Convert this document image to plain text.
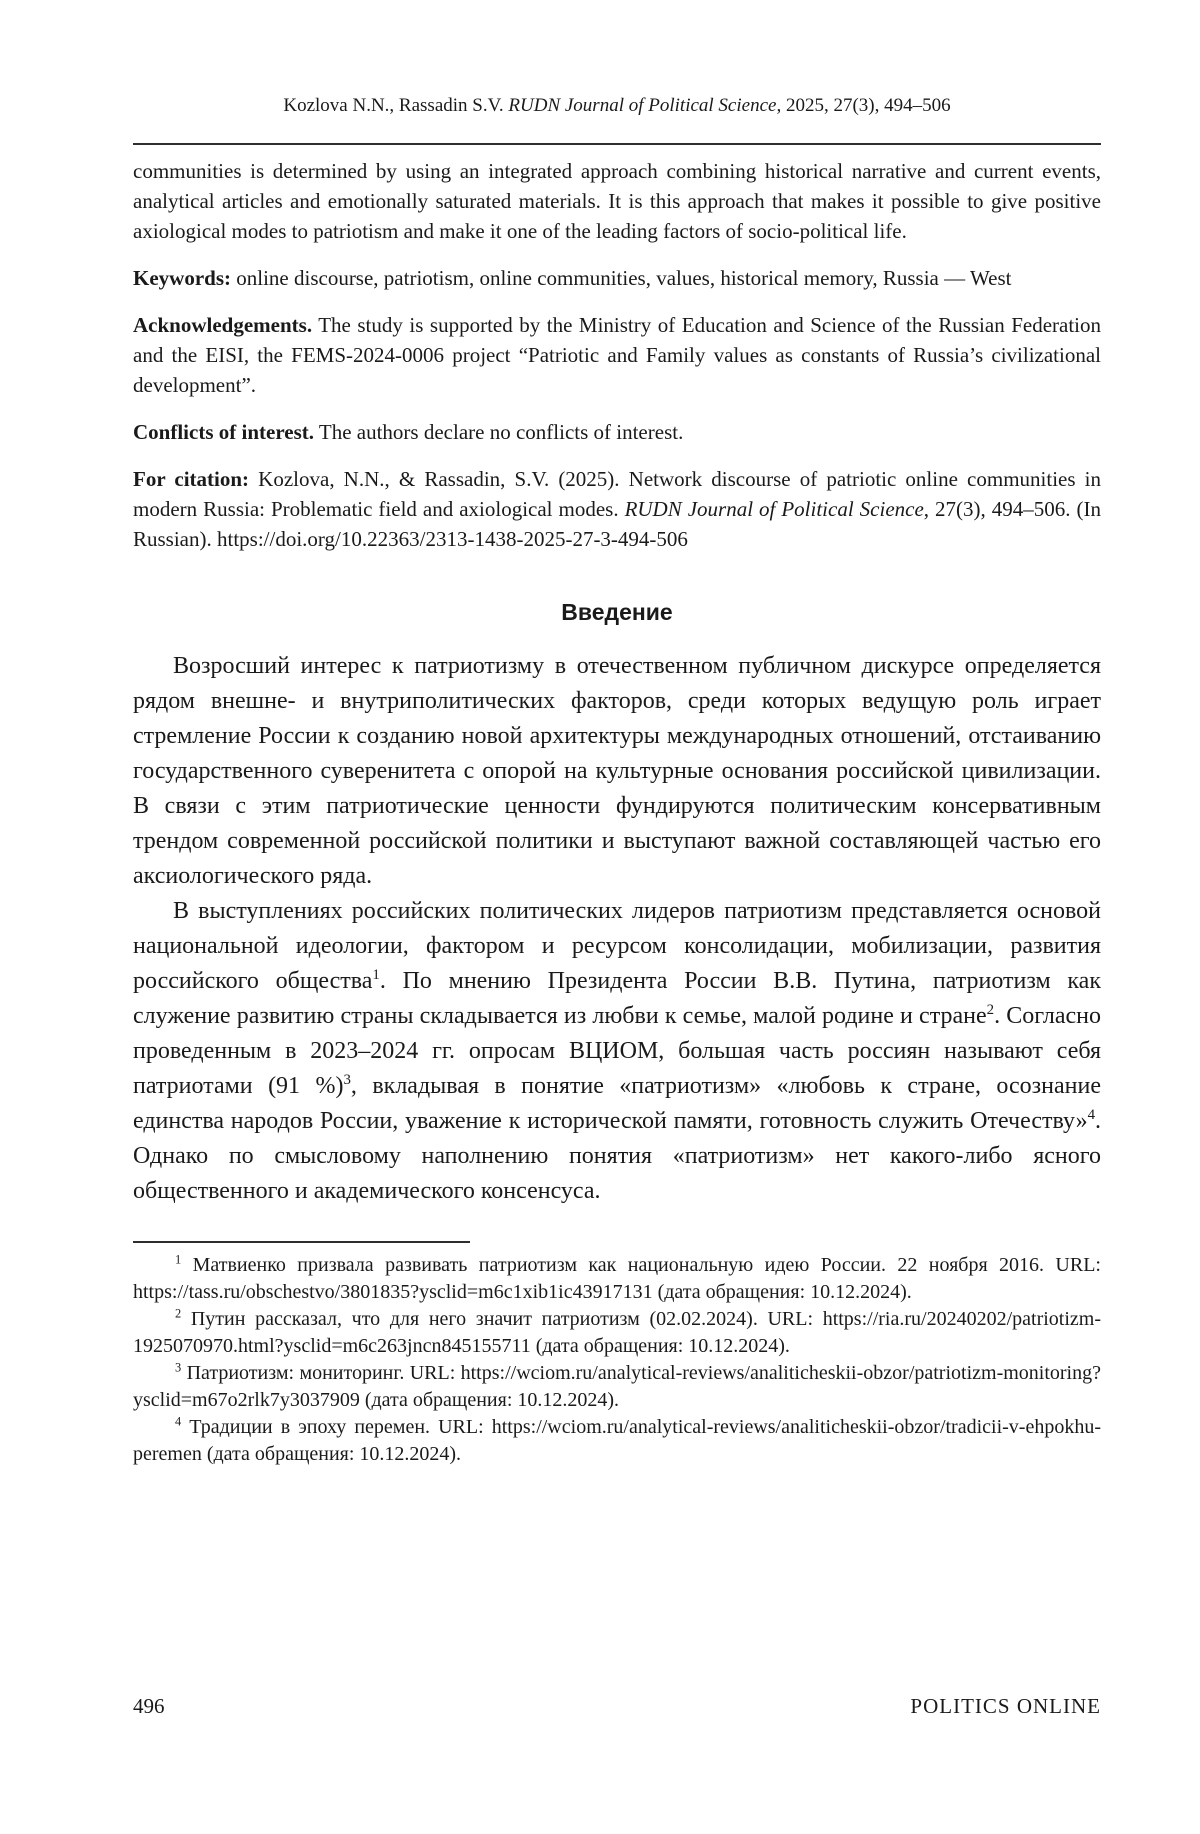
Kozlova N.N., Rassadin S.V. RUDN Journal of Political Science, 2025, 27(3), 494–506

communities is determined by using an integrated approach combining historical narrative and current events, analytical articles and emotionally saturated materials. It is this approach that makes it possible to give positive axiological modes to patriotism and make it one of the leading factors of socio-political life.

Keywords: online discourse, patriotism, online communities, values, historical memory, Russia — West

Acknowledgements. The study is supported by the Ministry of Education and Science of the Russian Federation and the EISI, the FEMS-2024-0006 project “Patriotic and Family values as constants of Russia’s civilizational development”.

Conflicts of interest. The authors declare no conflicts of interest.

For citation: Kozlova, N.N., & Rassadin, S.V. (2025). Network discourse of patriotic online communities in modern Russia: Problematic field and axiological modes. RUDN Journal of Political Science, 27(3), 494–506. (In Russian). https://doi.org/10.22363/2313-1438-2025-27-3-494-506

Введение

Возросший интерес к патриотизму в отечественном публичном дискурсе определяется рядом внешне- и внутриполитических факторов, среди которых ведущую роль играет стремление России к созданию новой архитектуры международных отношений, отстаиванию государственного суверенитета с опорой на культурные основания российской цивилизации. В связи с этим патриотические ценности фундируются политическим консервативным трендом современной российской политики и выступают важной составляющей частью его аксиологического ряда.

В выступлениях российских политических лидеров патриотизм представляется основой национальной идеологии, фактором и ресурсом консолидации, мобилизации, развития российского общества$^1$. По мнению Президента России В.В. Путина, патриотизм как служение развитию страны складывается из любви к семье, малой родине и стране$^2$. Согласно проведенным в 2023–2024 гг. опросам ВЦИОМ, большая часть россиян называют себя патриотами (91 %)$^3$, вкладывая в понятие «патриотизм» «любовь к стране, осознание единства народов России, уважение к исторической памяти, готовность служить Отечеству»$^4$. Однако по смысловому наполнению понятия «патриотизм» нет какого-либо ясного общественного и академического консенсуса.

$^1$ Матвиенко призвала развивать патриотизм как национальную идею России. 22 ноября 2016. URL: https://tass.ru/obschestvo/3801835?ysclid=m6c1xib1ic43917131 (дата обращения: 10.12.2024).

$^2$ Путин рассказал, что для него значит патриотизм (02.02.2024). URL: https://ria.ru/20240202/patriotizm-1925070970.html?ysclid=m6c263jncn845155711 (дата обращения: 10.12.2024).

$^3$ Патриотизм: мониторинг. URL: https://wciom.ru/analytical-reviews/analiticheskii-obzor/patriotizm-monitoring?ysclid=m67o2rlk7y3037909 (дата обращения: 10.12.2024).

$^4$ Традиции в эпоху перемен. URL: https://wciom.ru/analytical-reviews/analiticheskii-obzor/tradicii-v-ehpokhu-peremen (дата обращения: 10.12.2024).

496	POLITICS ONLINE
